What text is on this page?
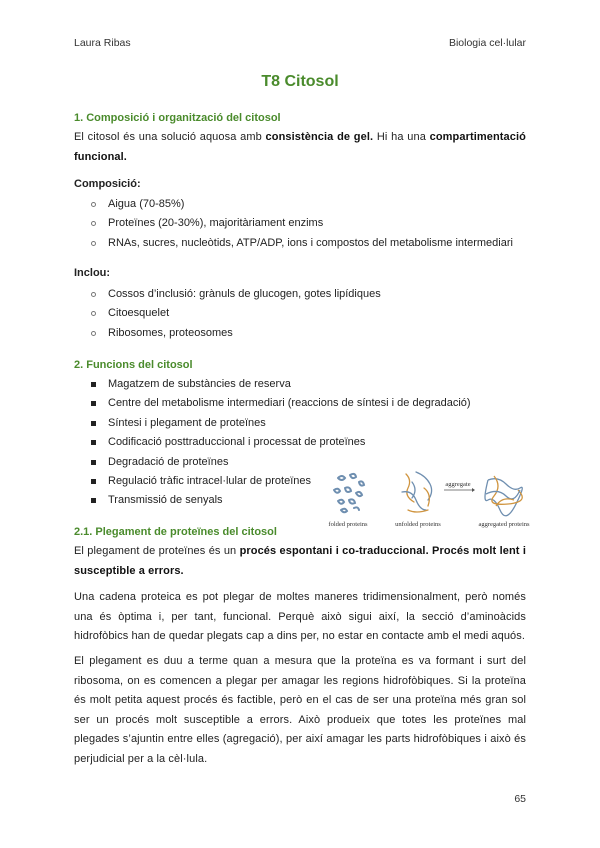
Laura Ribas	Biologia cel·lular
T8 Citosol
1. Composició i organització del citosol
El citosol és una solució aquosa amb consistència de gel. Hi ha una compartimentació funcional.
Composició:
Aigua (70-85%)
Proteïnes (20-30%), majoritàriament enzims
RNAs, sucres, nucleòtids, ATP/ADP, ions i compostos del metabolisme intermediari
Inclou:
Cossos d’inclusió: grànuls de glucogen, gotes lipídiques
Citoesquelet
Ribosomes, proteosomes
2. Funcions del citosol
Magatzem de substàncies de reserva
Centre del metabolisme intermediari (reaccions de síntesi i de degradació)
Síntesi i plegament de proteïnes
Codificació posttraduccional i processat de proteïnes
Degradació de proteïnes
Regulació tràfic intracel·lular de proteïnes
Transmissió de senyals
aggregate
folded proteins	unfolded proteins	aggregated proteins
2.1. Plegament de proteïnes del citosol
El plegament de proteïnes és un procés espontani i co-traduccional. Procés molt lent i susceptible a errors.
Una cadena proteica es pot plegar de moltes maneres tridimensionalment, però només una és òptima i, per tant, funcional. Perquè això sigui així, la secció d’aminoàcids hidrofòbics han de quedar plegats cap a dins per, no estar en contacte amb el medi aquós.
El plegament es duu a terme quan a mesura que la proteïna es va formant i surt del ribosoma, on es comencen a plegar per amagar les regions hidrofòbiques. Si la proteïna és molt petita aquest procés és factible, però en el cas de ser una proteïna més gran sol ser un procés molt susceptible a errors. Això produeix que totes les proteïnes mal plegades s’ajuntin entre elles (agregació), per així amagar les parts hidrofòbiques i això és perjudicial per a la cèl·lula.
65
